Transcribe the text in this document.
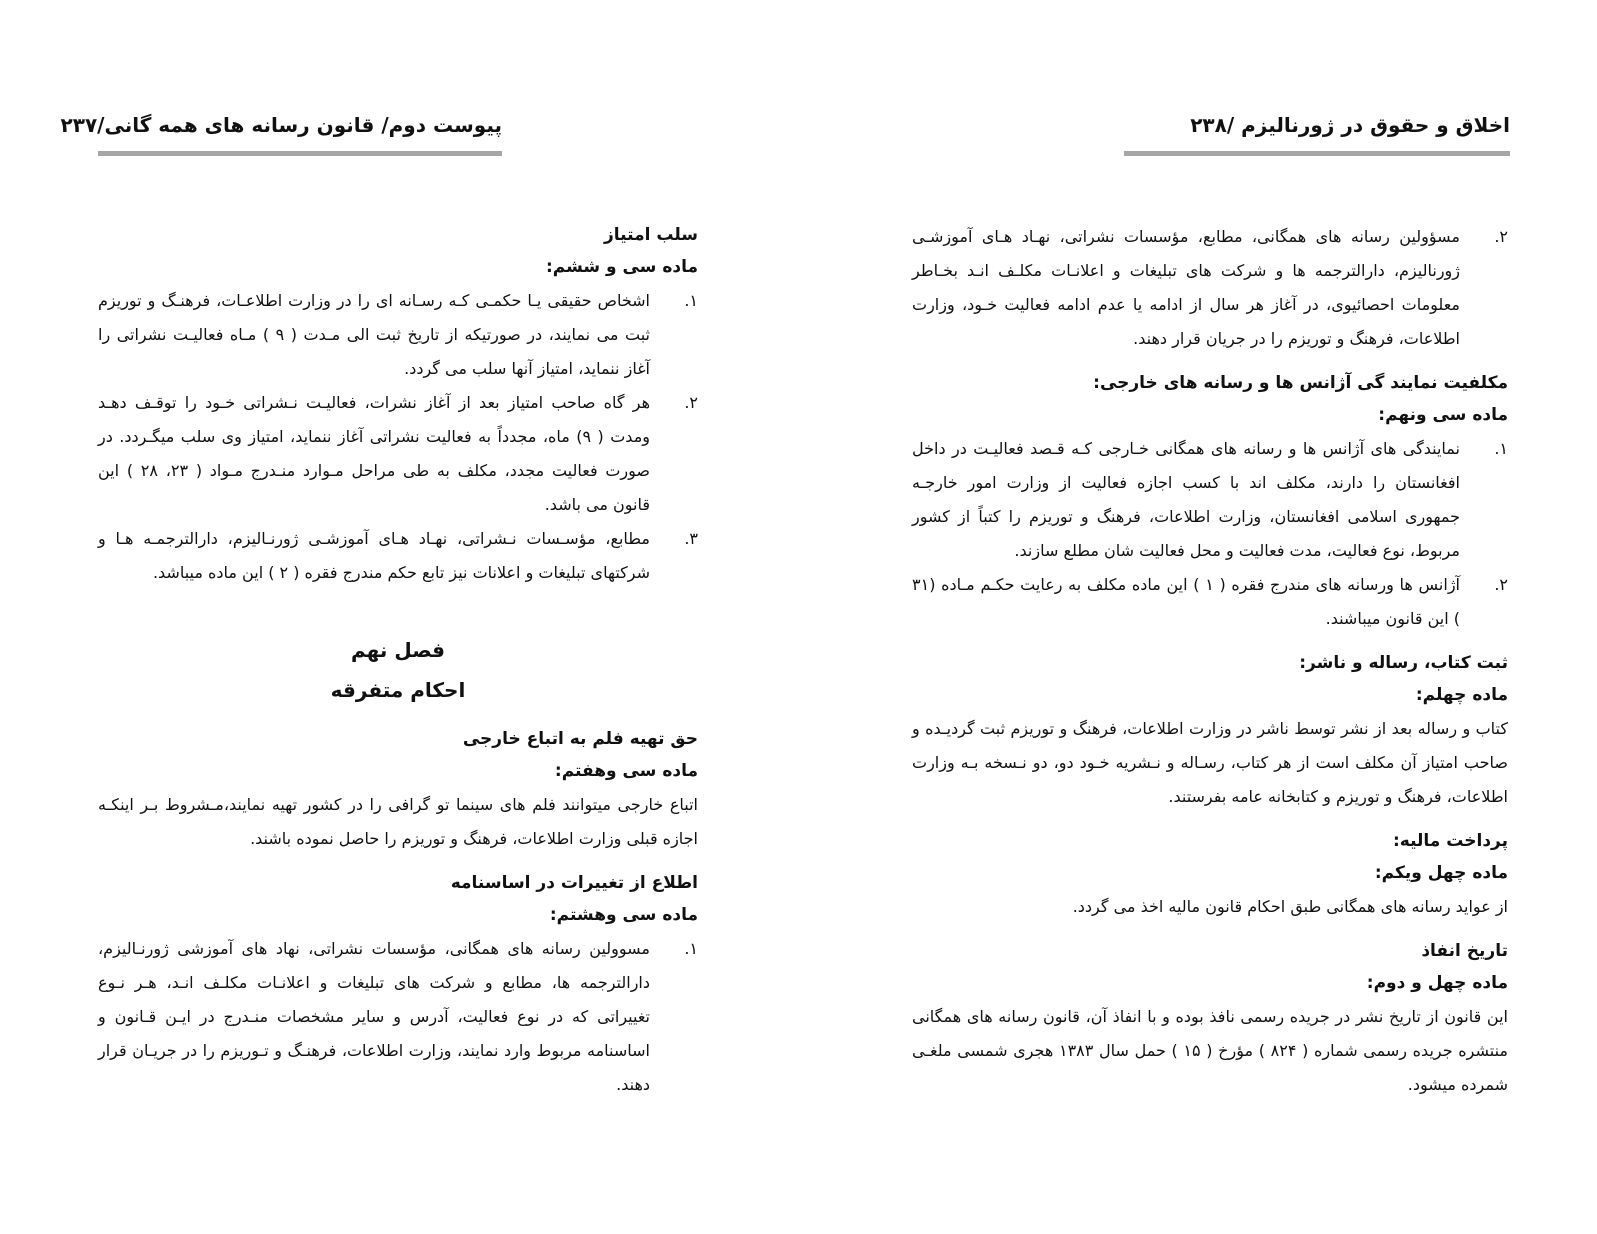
پیوست دوم/ قانون رسانه های همه گانی/۲۳۷	اخلاق و حقوق در ژورنالیزم /۲۳۸
سلب امتیاز
ماده سی و ششم:
۱.
اشخاص حقیقی یـا حکمـی کـه رسـانه ای را در وزارت اطلاعـات، فرهنـگ و توریزم ثبت می نمایند، در صورتیکه از تاریخ ثبت الی مـدت ( ۹ ) مـاه فعالیـت نشراتی را آغاز ننماید، امتیاز آنها سلب می گردد.
۲.
هر گاه صاحب امتیاز بعد از آغاز نشرات، فعالیـت نـشراتی خـود را توقـف دهـد ومدت ( ۹) ماه، مجدداً به فعالیت نشراتی آغاز ننماید، امتیاز وی سلب میگـردد. در صورت فعالیت مجدد، مکلف به طی مراحل مـوارد منـدرج مـواد ( ۲۳، ۲۸ ) این قانون می باشد.
۳.
مطابع، مؤسـسات نـشراتی، نهـاد هـای آموزشـی ژورنـالیزم، دارالترجمـه هـا و شرکتهای تبلیغات و اعلانات نیز تابع حکم مندرج فقره ( ۲ ) این ماده میباشد.
فصل نهم
احکام متفرقه
حق تهیه فلم به اتباع خارجی
ماده سی وهفتم:
اتباع خارجی میتوانند فلم های سینما تو گرافی را در کشور تهیه نمایند،مـشروط بـر اینکـه اجازه قبلی وزارت اطلاعات، فرهنگ و توریزم را حاصل نموده باشند.
اطلاع از تغییرات در اساسنامه
ماده سی وهشتم:
۱.
مسوولین رسانه های همگانی، مؤسسات نشراتی، نهاد های آموزشی ژورنـالیزم، دارالترجمه ها، مطابع و شرکت های تبلیغات و اعلانـات مکلـف انـد، هـر نـوع تغییراتی که در نوع فعالیت، آدرس و سایر مشخصات منـدرج در ایـن قـانون و اساسنامه مربوط وارد نمایند، وزارت اطلاعات، فرهنـگ و تـوریزم را در جریـان قرار دهند.
۲.
مسؤولین رسانه های همگانی، مطابع، مؤسسات نشراتی، نهـاد هـای آموزشـی ژورنالیزم، دارالترجمه ها و شرکت های تبلیغات و اعلانـات مکلـف انـد بخـاطر معلومات احصائیوی، در آغاز هر سال از ادامه یا عدم ادامه فعالیت خـود، وزارت اطلاعات، فرهنگ و توریزم را در جریان قرار دهند.
مکلفیت نمایند گی آژانس ها و رسانه های خارجی:
ماده سی ونهم:
۱.
نمایندگی های آژانس ها و رسانه های همگانی خـارجی کـه قـصد فعالیـت در داخل افغانستان را دارند، مکلف اند با کسب اجازه فعالیت از وزارت امور خارجـه جمهوری اسلامی افغانستان، وزارت اطلاعات، فرهنگ و توریزم را کتباً از کشور مربوط، نوع فعالیت، مدت فعالیت و محل فعالیت شان مطلع سازند.
۲.
آژانس ها ورسانه های مندرج فقره ( ۱ ) این ماده مکلف به رعایت حکـم مـاده (۳۱ ) این قانون میباشند.
ثبت کتاب، رساله و ناشر:
ماده چهلم:
کتاب و رساله بعد از نشر توسط ناشر در وزارت اطلاعات، فرهنگ و توریزم ثبت گردیـده و صاحب امتیاز آن مکلف است از هر کتاب، رسـاله و نـشریه خـود دو، دو نـسخه بـه وزارت اطلاعات، فرهنگ و توریزم و کتابخانه عامه بفرستند.
پرداخت مالیه:
ماده چهل ویکم:
از عواید رسانه های همگانی طبق احکام قانون مالیه اخذ می گردد.
تاریخ انفاذ
ماده چهل و دوم:
این قانون از تاریخ نشر در جریده رسمی نافذ بوده و با انفاذ آن، قانون رسانه های همگانی منتشره جریده رسمی شماره ( ۸۲۴ ) مؤرخ ( ۱۵ ) حمل سال ۱۳۸۳ هجری شمسی ملغـی شمرده میشود.
